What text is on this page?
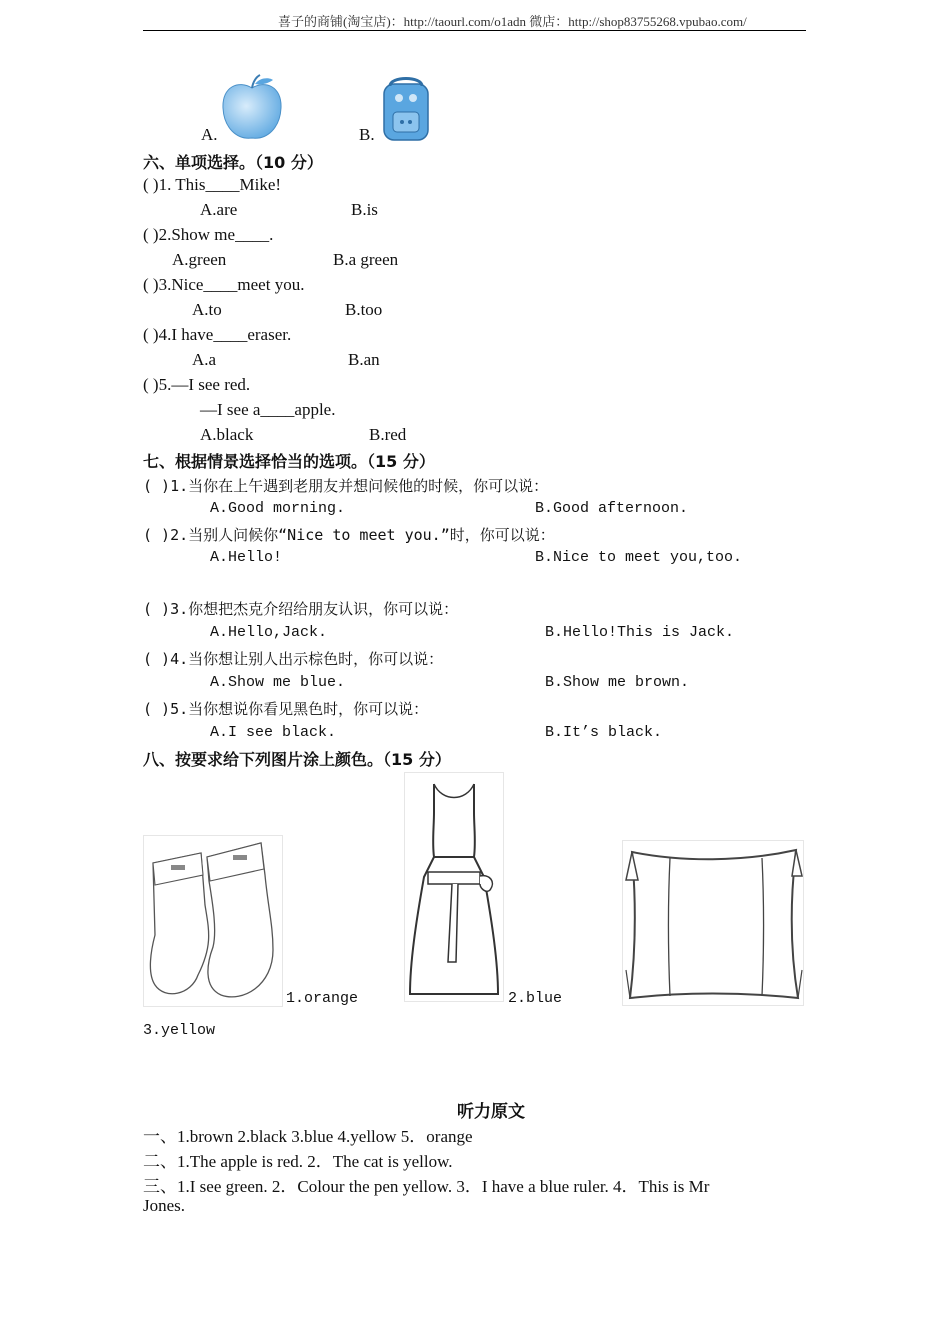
喜子的商铺(淘宝店)：http://taourl.com/o1adn 微店：http://shop83755268.vpubao.com/
A.	B.
六、单项选择。（10 分）
( )1. This____Mike!
A.are	B.is
( )2.Show me____.
A.green	B.a green
( )3.Nice____meet you.
A.to	B.too
( )4.I have____eraser.
A.a	B.an
( )5.—I see red.
—I see a____apple.
A.black	B.red
七、根据情景选择恰当的选项。（15 分）
( )1.当你在上午遇到老朋友并想问候他的时候，你可以说：
A.Good morning.	B.Good afternoon.
( )2.当别人问候你“Nice to meet you.”时，你可以说：
A.Hello!	B.Nice to meet you,too.
( )3.你想把杰克介绍给朋友认识，你可以说：
A.Hello,Jack.	B.Hello!This is Jack.
( )4.当你想让别人出示棕色时，你可以说：
A.Show me blue.	B.Show me brown.
( )5.当你想说你看见黑色时，你可以说：
A.I see black.	B.It’s black.
八、按要求给下列图片涂上颜色。（15 分）
1.orange	2.blue
3.yellow
听力原文
一、1.brown 2.black 3.blue 4.yellow 5．orange
二、1.The apple is red. 2．The cat is yellow.
三、1.I see green. 2．Colour the pen yellow. 3．I have a blue ruler. 4．This is Mr
Jones.
